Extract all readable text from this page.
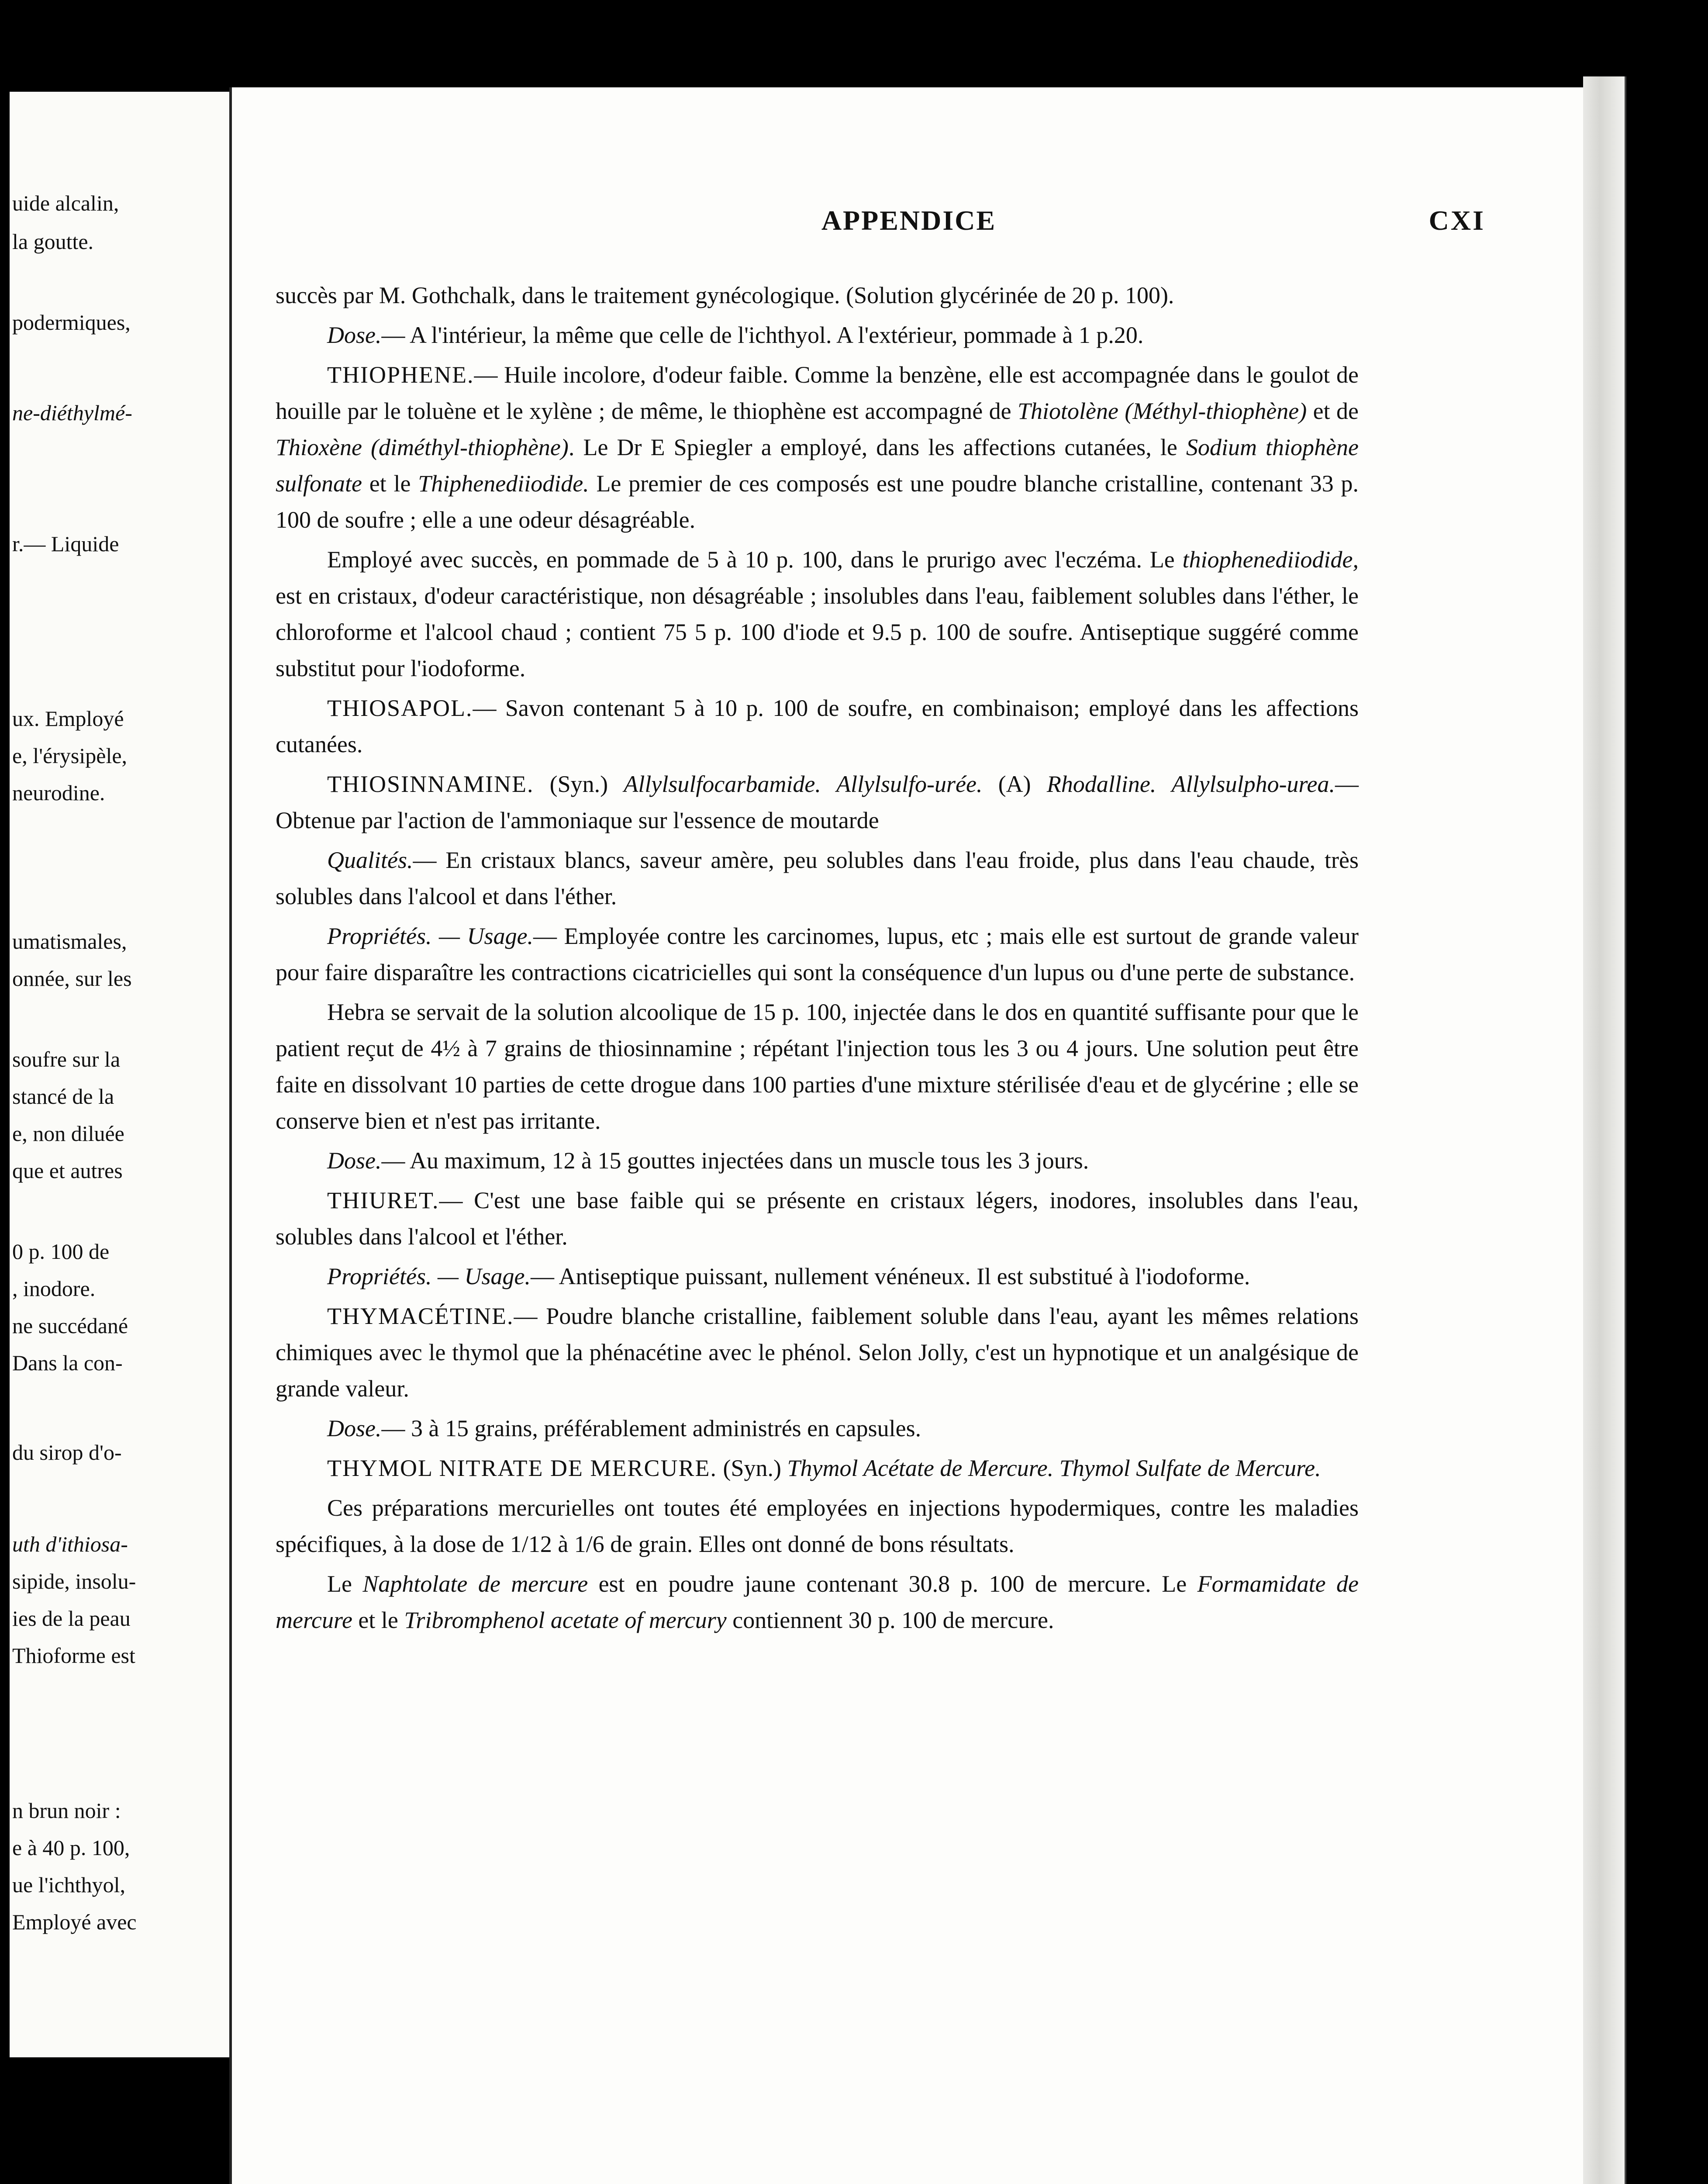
uide alcalin,
la goutte.
podermiques,
ne-diéthylmé-
r.— Liquide
ux. Employé
e, l'érysipèle,
neurodine.
umatismales,
onnée, sur les
soufre sur la
stancé de la
e, non diluée
que et autres
0 p. 100 de
, inodore.
ne succédané
Dans la con-
du sirop d'o-
uth d'ithiosa-
sipide, insolu-
ies de la peau
Thioforme est
n brun noir :
e à 40 p. 100,
ue l'ichthyol,
Employé avec
APPENDICE	CXI

succès par M. Gothchalk, dans le traitement gynécologique. (Solution glycérinée de 20 p. 100).

Dose.— A l'intérieur, la même que celle de l'ichthyol. A l'extérieur, pommade à 1 p.20.

THIOPHENE.— Huile incolore, d'odeur faible. Comme la benzène, elle est accompagnée dans le goulot de houille par le toluène et le xylène ; de même, le thiophène est accompagné de Thiotolène (Méthyl-thiophène) et de Thioxène (diméthyl-thiophène). Le Dr E Spiegler a employé, dans les affections cutanées, le Sodium thiophène sulfonate et le Thiphenediiodide. Le premier de ces composés est une poudre blanche cristalline, contenant 33 p. 100 de soufre ; elle a une odeur désagréable.

Employé avec succès, en pommade de 5 à 10 p. 100, dans le prurigo avec l'eczéma. Le thiophenediiodide, est en cristaux, d'odeur caractéristique, non désagréable ; insolubles dans l'eau, faiblement solubles dans l'éther, le chloroforme et l'alcool chaud ; contient 75 5 p. 100 d'iode et 9.5 p. 100 de soufre. Antiseptique suggéré comme substitut pour l'iodoforme.

THIOSAPOL.— Savon contenant 5 à 10 p. 100 de soufre, en combinaison; employé dans les affections cutanées.

THIOSINNAMINE. (Syn.) Allylsulfocarbamide. Allylsulfo-urée. (A) Rhodalline. Allylsulpho-urea.— Obtenue par l'action de l'ammoniaque sur l'essence de moutarde

Qualités.— En cristaux blancs, saveur amère, peu solubles dans l'eau froide, plus dans l'eau chaude, très solubles dans l'alcool et dans l'éther.

Propriétés. — Usage.— Employée contre les carcinomes, lupus, etc ; mais elle est surtout de grande valeur pour faire disparaître les contractions cicatricielles qui sont la conséquence d'un lupus ou d'une perte de substance.

Hebra se servait de la solution alcoolique de 15 p. 100, injectée dans le dos en quantité suffisante pour que le patient reçut de 4½ à 7 grains de thiosinnamine ; répétant l'injection tous les 3 ou 4 jours. Une solution peut être faite en dissolvant 10 parties de cette drogue dans 100 parties d'une mixture stérilisée d'eau et de glycérine ; elle se conserve bien et n'est pas irritante.

Dose.— Au maximum, 12 à 15 gouttes injectées dans un muscle tous les 3 jours.

THIURET.— C'est une base faible qui se présente en cristaux légers, inodores, insolubles dans l'eau, solubles dans l'alcool et l'éther.

Propriétés. — Usage.— Antiseptique puissant, nullement vénéneux. Il est substitué à l'iodoforme.

THYMACÉTINE.— Poudre blanche cristalline, faiblement soluble dans l'eau, ayant les mêmes relations chimiques avec le thymol que la phénacétine avec le phénol. Selon Jolly, c'est un hypnotique et un analgésique de grande valeur.

Dose.— 3 à 15 grains, préférablement administrés en capsules.

THYMOL NITRATE DE MERCURE. (Syn.) Thymol Acétate de Mercure. Thymol Sulfate de Mercure.

Ces préparations mercurielles ont toutes été employées en injections hypodermiques, contre les maladies spécifiques, à la dose de 1/12 à 1/6 de grain. Elles ont donné de bons résultats.

Le Naphtolate de mercure est en poudre jaune contenant 30.8 p. 100 de mercure. Le Formamidate de mercure et le Tribromphenol acetate of mercury contiennent 30 p. 100 de mercure.
